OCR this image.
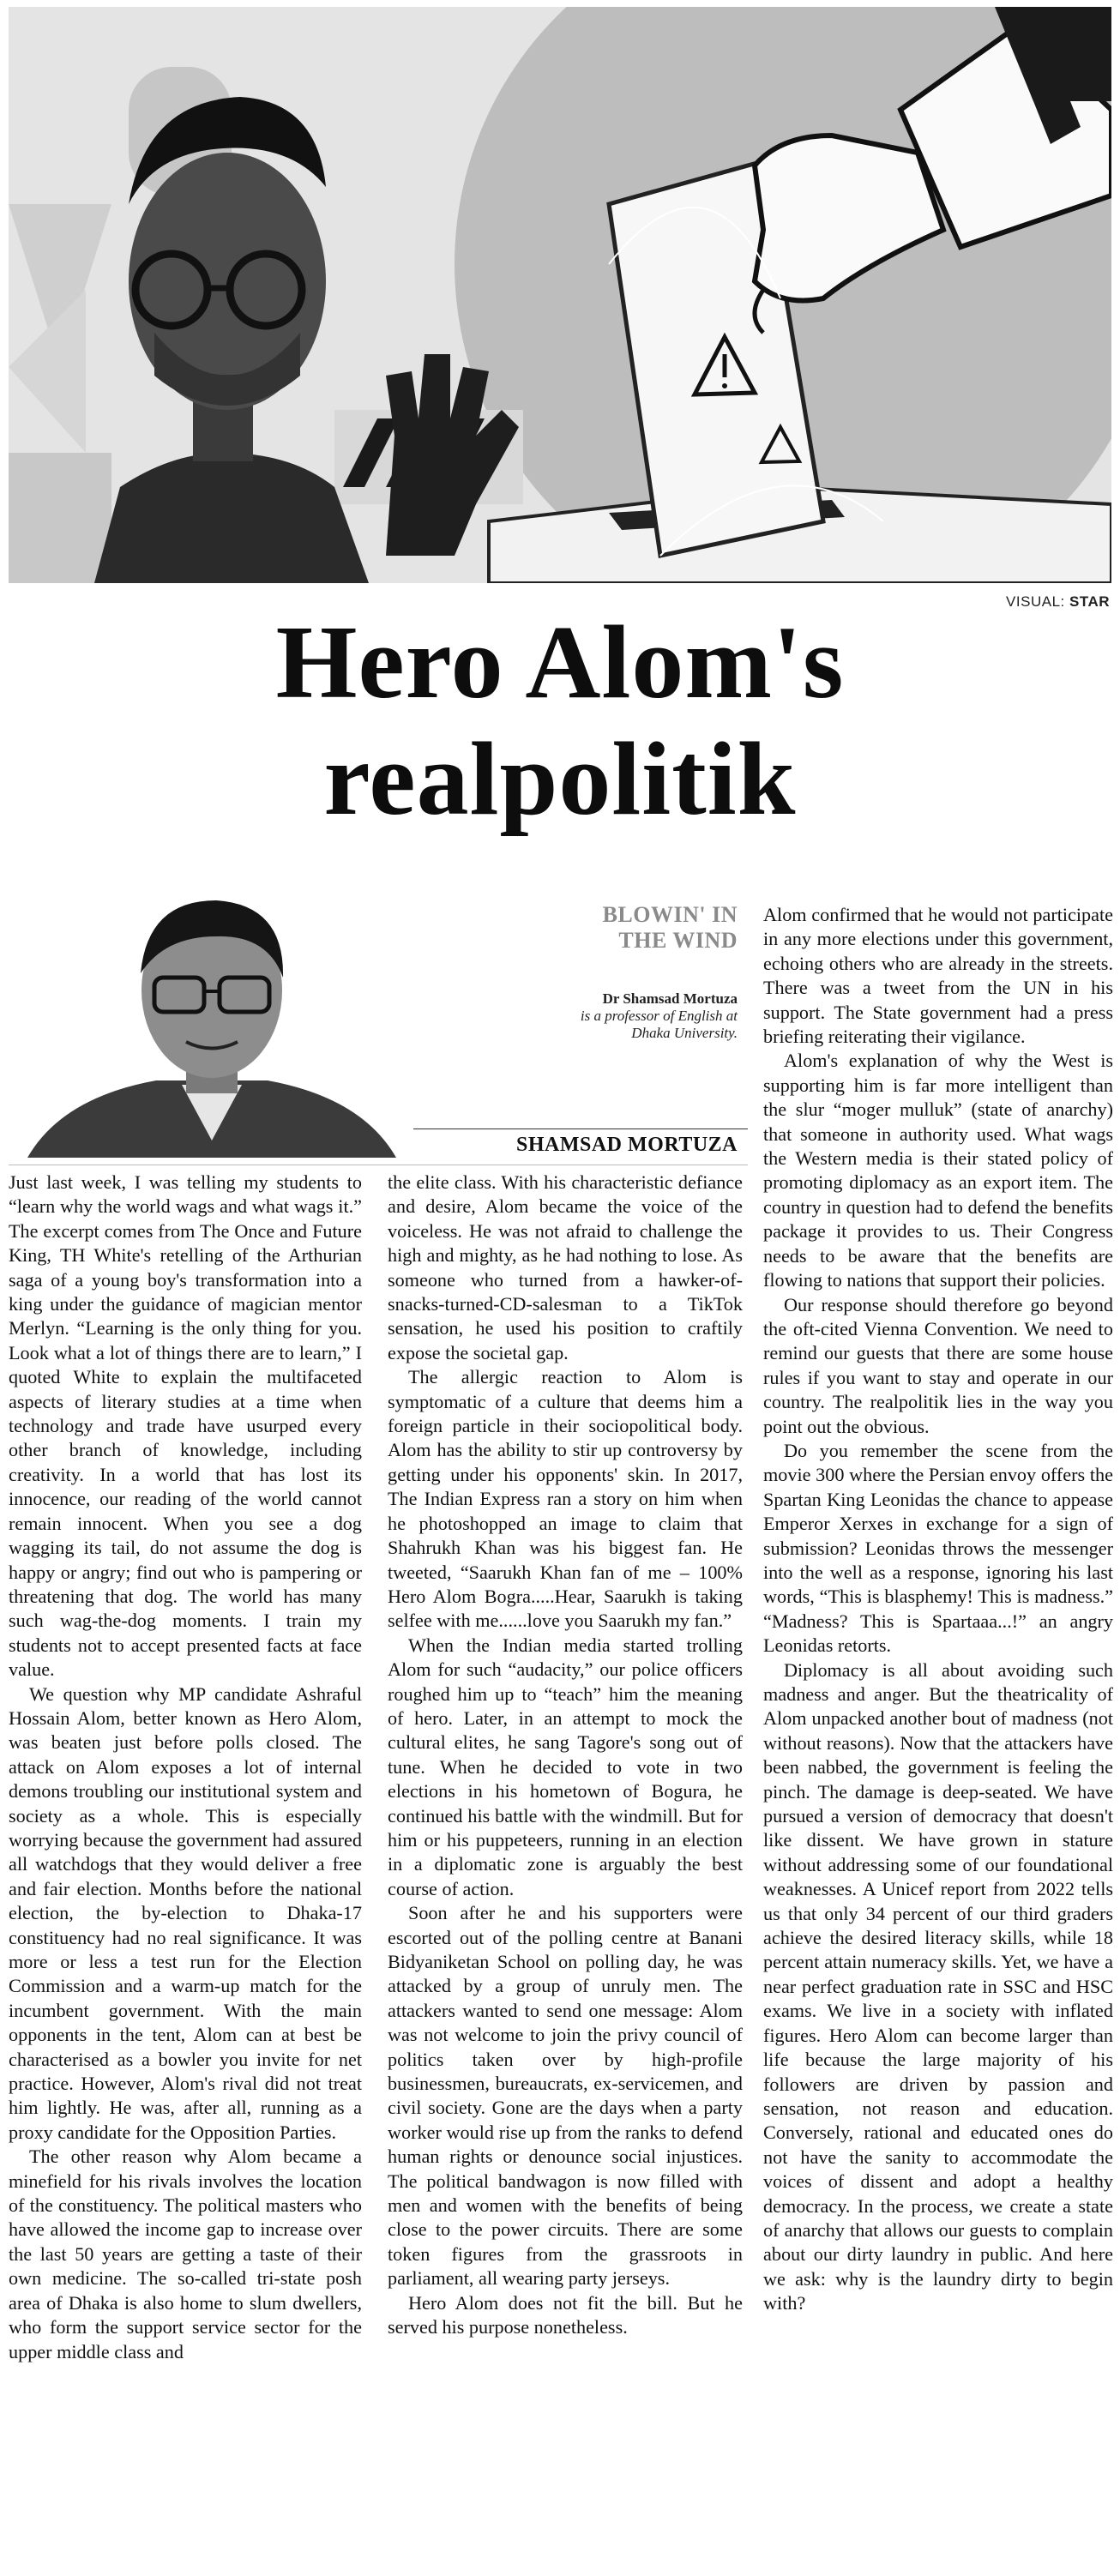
VISUAL: STAR
Hero Alom's
realpolitik
BLOWIN' IN
THE WIND
Dr Shamsad Mortuza
is a professor of English at
Dhaka University.
SHAMSAD MORTUZA

Just last week, I was telling my students to “learn why the world wags and what wags it.” The excerpt comes from The Once and Future King, TH White's retelling of the Arthurian saga of a young boy's transformation into a king under the guidance of magician mentor Merlyn. “Learning is the only thing for you. Look what a lot of things there are to learn,” I quoted White to explain the multifaceted aspects of literary studies at a time when technology and trade have usurped every other branch of knowledge, including creativity. In a world that has lost its innocence, our reading of the world cannot remain innocent. When you see a dog wagging its tail, do not assume the dog is happy or angry; find out who is pampering or threatening that dog. The world has many such wag-the-dog moments. I train my students not to accept presented facts at face value.

We question why MP candidate Ashraful Hossain Alom, better known as Hero Alom, was beaten just before polls closed. The attack on Alom exposes a lot of internal demons troubling our institutional system and society as a whole. This is especially worrying because the government had assured all watchdogs that they would deliver a free and fair election. Months before the national election, the by-election to Dhaka-17 constituency had no real significance. It was more or less a test run for the Election Commission and a warm-up match for the incumbent government. With the main opponents in the tent, Alom can at best be characterised as a bowler you invite for net practice. However, Alom's rival did not treat him lightly. He was, after all, running as a proxy candidate for the Opposition Parties.

The other reason why Alom became a minefield for his rivals involves the location of the constituency. The political masters who have allowed the income gap to increase over the last 50 years are getting a taste of their own medicine. The so-called tri-state posh area of Dhaka is also home to slum dwellers, who form the support service sector for the upper middle class and

the elite class. With his characteristic defiance and desire, Alom became the voice of the voiceless. He was not afraid to challenge the high and mighty, as he had nothing to lose. As someone who turned from a hawker-of-snacks-turned-CD-salesman to a TikTok sensation, he used his position to craftily expose the societal gap.

The allergic reaction to Alom is symptomatic of a culture that deems him a foreign particle in their sociopolitical body. Alom has the ability to stir up controversy by getting under his opponents' skin. In 2017, The Indian Express ran a story on him when he photoshopped an image to claim that Shahrukh Khan was his biggest fan. He tweeted, “Saarukh Khan fan of me – 100% Hero Alom Bogra.....Hear, Saarukh is taking selfee with me......love you Saarukh my fan.”

When the Indian media started trolling Alom for such “audacity,” our police officers roughed him up to “teach” him the meaning of hero. Later, in an attempt to mock the cultural elites, he sang Tagore's song out of tune. When he decided to vote in two elections in his hometown of Bogura, he continued his battle with the windmill. But for him or his puppeteers, running in an election in a diplomatic zone is arguably the best course of action.

Soon after he and his supporters were escorted out of the polling centre at Banani Bidyaniketan School on polling day, he was attacked by a group of unruly men. The attackers wanted to send one message: Alom was not welcome to join the privy council of politics taken over by high-profile businessmen, bureaucrats, ex-servicemen, and civil society. Gone are the days when a party worker would rise up from the ranks to defend human rights or denounce social injustices. The political bandwagon is now filled with men and women with the benefits of being close to the power circuits. There are some token figures from the grassroots in parliament, all wearing party jerseys.

Hero Alom does not fit the bill. But he served his purpose nonetheless.

Alom confirmed that he would not participate in any more elections under this government, echoing others who are already in the streets. There was a tweet from the UN in his support. The State government had a press briefing reiterating their vigilance.

Alom's explanation of why the West is supporting him is far more intelligent than the slur “moger mulluk” (state of anarchy) that someone in authority used. What wags the Western media is their stated policy of promoting diplomacy as an export item. The country in question had to defend the benefits package it provides to us. Their Congress needs to be aware that the benefits are flowing to nations that support their policies.

Our response should therefore go beyond the oft-cited Vienna Convention. We need to remind our guests that there are some house rules if you want to stay and operate in our country. The realpolitik lies in the way you point out the obvious.

Do you remember the scene from the movie 300 where the Persian envoy offers the Spartan King Leonidas the chance to appease Emperor Xerxes in exchange for a sign of submission? Leonidas throws the messenger into the well as a response, ignoring his last words, “This is blasphemy! This is madness.” “Madness? This is Spartaaa...!” an angry Leonidas retorts.

Diplomacy is all about avoiding such madness and anger. But the theatricality of Alom unpacked another bout of madness (not without reasons). Now that the attackers have been nabbed, the government is feeling the pinch. The damage is deep-seated. We have pursued a version of democracy that doesn't like dissent. We have grown in stature without addressing some of our foundational weaknesses. A Unicef report from 2022 tells us that only 34 percent of our third graders achieve the desired literacy skills, while 18 percent attain numeracy skills. Yet, we have a near perfect graduation rate in SSC and HSC exams. We live in a society with inflated figures. Hero Alom can become larger than life because the large majority of his followers are driven by passion and sensation, not reason and education. Conversely, rational and educated ones do not have the sanity to accommodate the voices of dissent and adopt a healthy democracy. In the process, we create a state of anarchy that allows our guests to complain about our dirty laundry in public. And here we ask: why is the laundry dirty to begin with?
